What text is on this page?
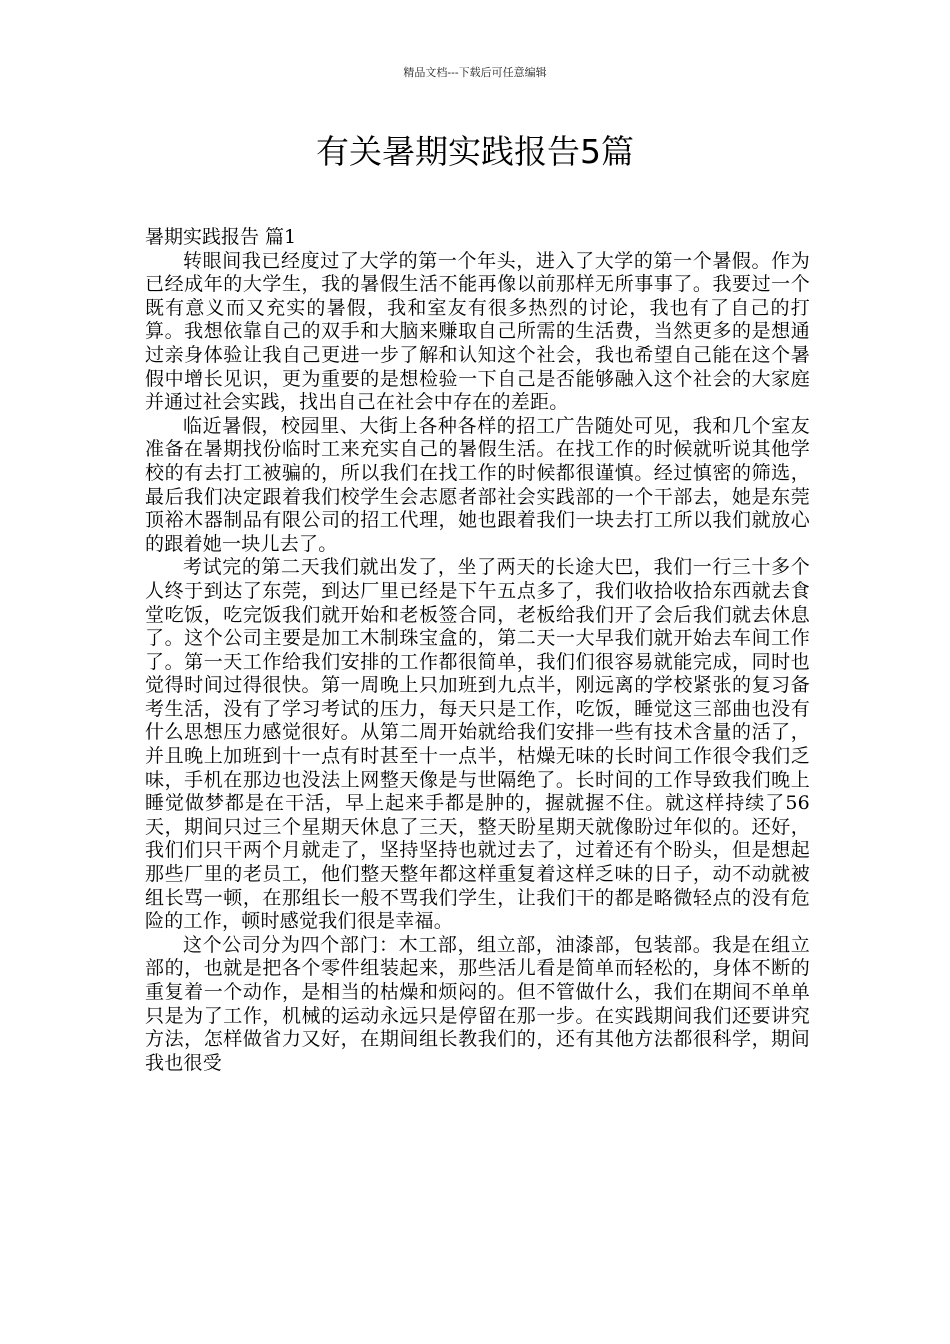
精品文档---下载后可任意编辑
有关暑期实践报告5篇

暑期实践报告 篇1

转眼间我已经度过了大学的第一个年头，进入了大学的第一个暑假。作为已经成年的大学生，我的暑假生活不能再像以前那样无所事事了。我要过一个既有意义而又充实的暑假，我和室友有很多热烈的讨论，我也有了自己的打算。我想依靠自己的双手和大脑来赚取自己所需的生活费，当然更多的是想通过亲身体验让我自己更进一步了解和认知这个社会，我也希望自己能在这个暑假中增长见识，更为重要的是想检验一下自己是否能够融入这个社会的大家庭并通过社会实践，找出自己在社会中存在的差距。

临近暑假，校园里、大街上各种各样的招工广告随处可见，我和几个室友准备在暑期找份临时工来充实自己的暑假生活。在找工作的时候就听说其他学校的有去打工被骗的，所以我们在找工作的时候都很谨慎。经过慎密的筛选，最后我们决定跟着我们校学生会志愿者部社会实践部的一个干部去，她是东莞顶裕木器制品有限公司的招工代理，她也跟着我们一块去打工所以我们就放心的跟着她一块儿去了。

考试完的第二天我们就出发了，坐了两天的长途大巴，我们一行三十多个人终于到达了东莞，到达厂里已经是下午五点多了，我们收拾收拾东西就去食堂吃饭，吃完饭我们就开始和老板签合同，老板给我们开了会后我们就去休息了。这个公司主要是加工木制珠宝盒的，第二天一大早我们就开始去车间工作了。第一天工作给我们安排的工作都很简单，我们们很容易就能完成，同时也觉得时间过得很快。第一周晚上只加班到九点半，刚远离的学校紧张的复习备考生活，没有了学习考试的压力，每天只是工作，吃饭，睡觉这三部曲也没有什么思想压力感觉很好。从第二周开始就给我们安排一些有技术含量的活了，并且晚上加班到十一点有时甚至十一点半，枯燥无味的长时间工作很令我们乏味，手机在那边也没法上网整天像是与世隔绝了。长时间的工作导致我们晚上睡觉做梦都是在干活，早上起来手都是肿的，握就握不住。就这样持续了56天，期间只过三个星期天休息了三天，整天盼星期天就像盼过年似的。还好，我们们只干两个月就走了，坚持坚持也就过去了，过着还有个盼头，但是想起那些厂里的老员工，他们整天整年都这样重复着这样乏味的日子，动不动就被组长骂一顿，在那组长一般不骂我们学生，让我们干的都是略微轻点的没有危险的工作，顿时感觉我们很是幸福。

这个公司分为四个部门：木工部，组立部，油漆部，包装部。我是在组立部的，也就是把各个零件组装起来，那些活儿看是简单而轻松的，身体不断的重复着一个动作，是相当的枯燥和烦闷的。但不管做什么，我们在期间不单单只是为了工作，机械的运动永远只是停留在那一步。在实践期间我们还要讲究方法，怎样做省力又好，在期间组长教我们的，还有其他方法都很科学，期间我也很受
